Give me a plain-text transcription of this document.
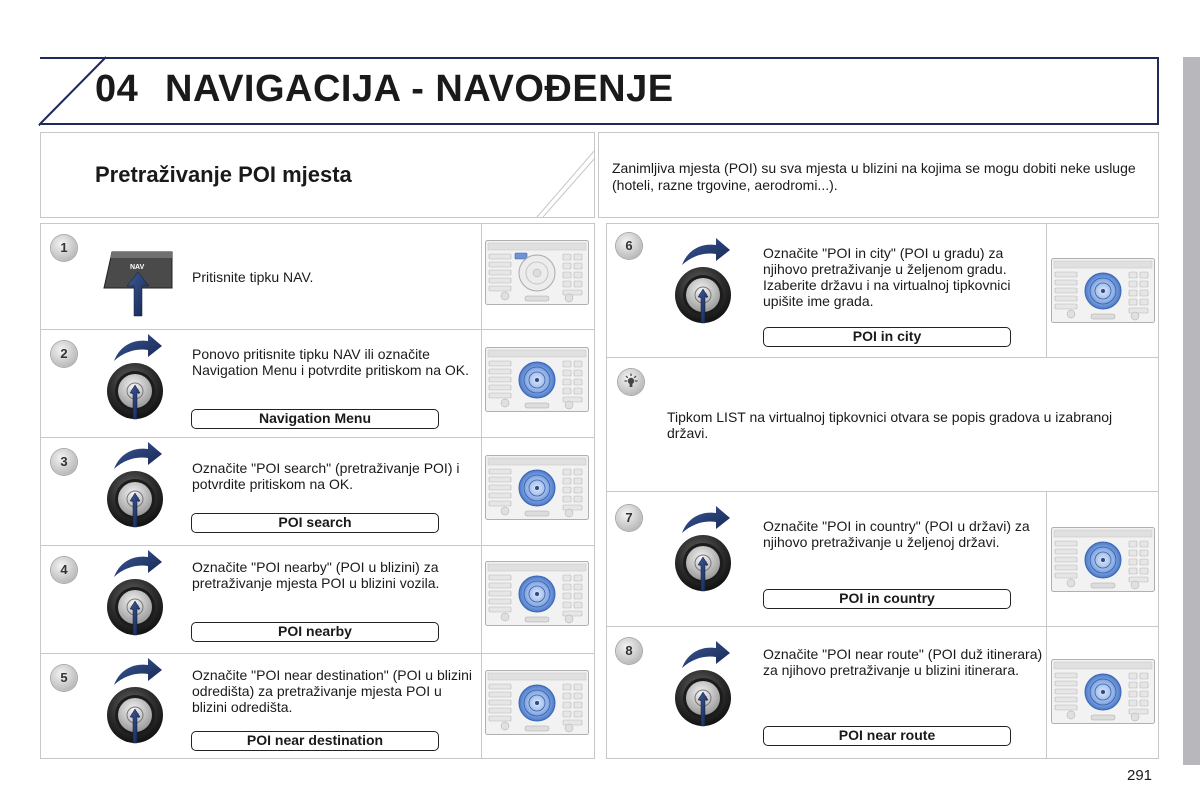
04 NAVIGACIJA - NAVOĐENJE
Pretraživanje POI mjesta	Zanimljiva mjesta (POI) su sva mjesta u blizini na kojima se mogu dobiti neke usluge (hoteli, razne trgovine, aerodromi...).
1
NAV
Pritisnite tipku NAV.
2	Ponovo pritisnite tipku NAV ili označite Navigation Menu i potvrdite pritiskom na OK.
Navigation Menu
3	Označite "POI search" (pretraživanje POI) i potvrdite pritiskom na OK.
POI search
4	Označite "POI nearby" (POI u blizini) za pretraživanje mjesta POI u blizini vozila.
POI nearby
5	Označite "POI near destination" (POI u blizini odredišta) za pretraživanje mjesta POI u blizini odredišta.
POI near destination
6	Označite "POI in city" (POI u gradu) za njihovo pretraživanje u željenom gradu. Izaberite državu i na virtualnoj tipkovnici upišite ime grada.
POI in city
Tipkom LIST na virtualnoj tipkovnici otvara se popis gradova u izabranoj državi.
7
Označite "POI in country" (POI u državi) za njihovo pretraživanje u željenoj državi.
POI in country
8	Označite "POI near route" (POI duž itinerara) za njihovo pretraživanje u blizini itinerara.
POI near route
291
